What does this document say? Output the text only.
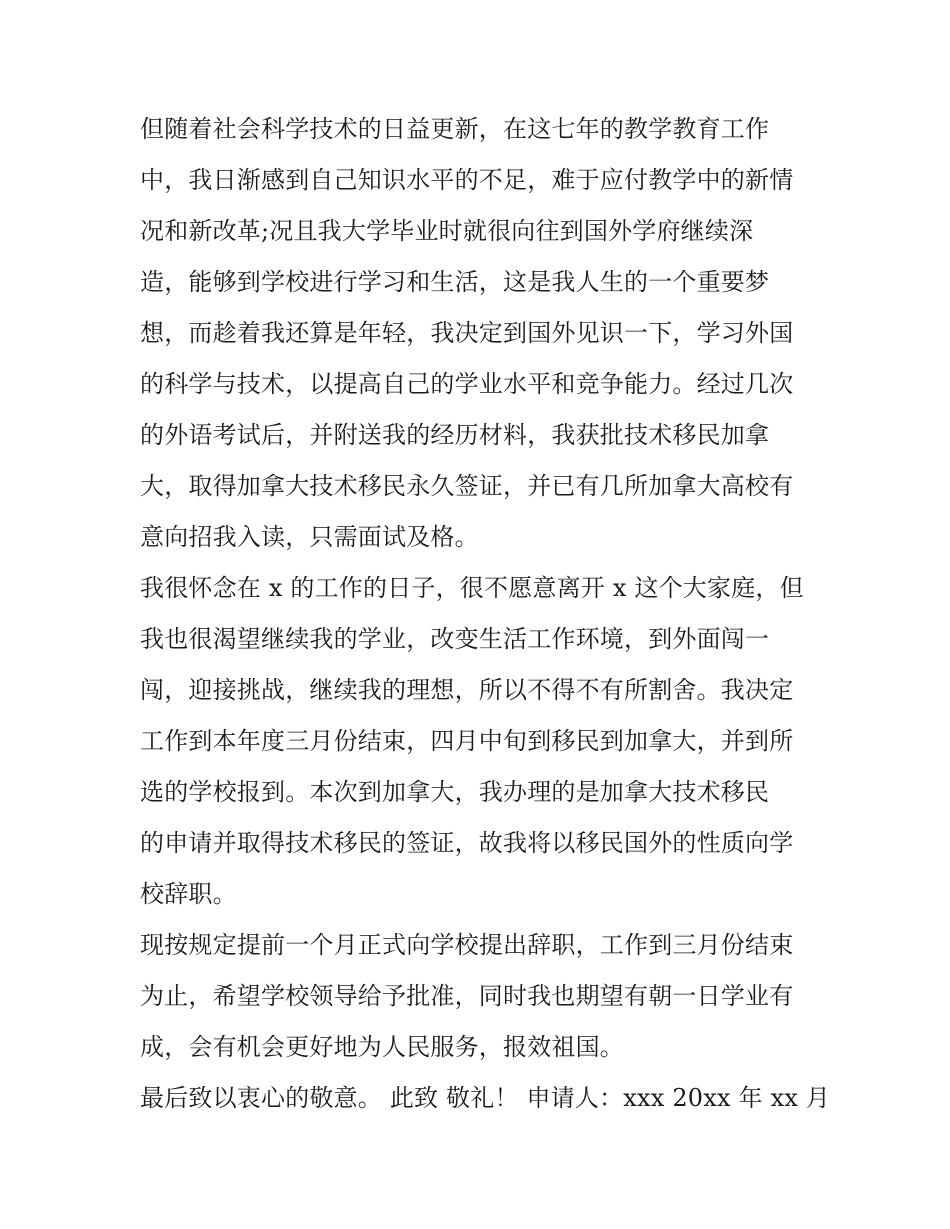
但随着社会科学技术的日益更新，在这七年的教学教育工作
中，我日渐感到自己知识水平的不足，难于应付教学中的新情
况和新改革;况且我大学毕业时就很向往到国外学府继续深
造，能够到学校进行学习和生活，这是我人生的一个重要梦
想，而趁着我还算是年轻，我决定到国外见识一下，学习外国
的科学与技术，以提高自己的学业水平和竞争能力。经过几次
的外语考试后，并附送我的经历材料，我获批技术移民加拿
大，取得加拿大技术移民永久签证，并已有几所加拿大高校有
意向招我入读，只需面试及格。
我很怀念在 x 的工作的日子，很不愿意离开 x 这个大家庭，但
我也很渴望继续我的学业，改变生活工作环境，到外面闯一
闯，迎接挑战，继续我的理想，所以不得不有所割舍。我决定
工作到本年度三月份结束，四月中旬到移民到加拿大，并到所
选的学校报到。本次到加拿大，我办理的是加拿大技术移民
的申请并取得技术移民的签证，故我将以移民国外的性质向学
校辞职。
现按规定提前一个月正式向学校提出辞职，工作到三月份结束
为止，希望学校领导给予批准，同时我也期望有朝一日学业有
成，会有机会更好地为人民服务，报效祖国。
最后致以衷心的敬意。 此致 敬礼！ 申请人：xxx 20xx 年 xx 月
